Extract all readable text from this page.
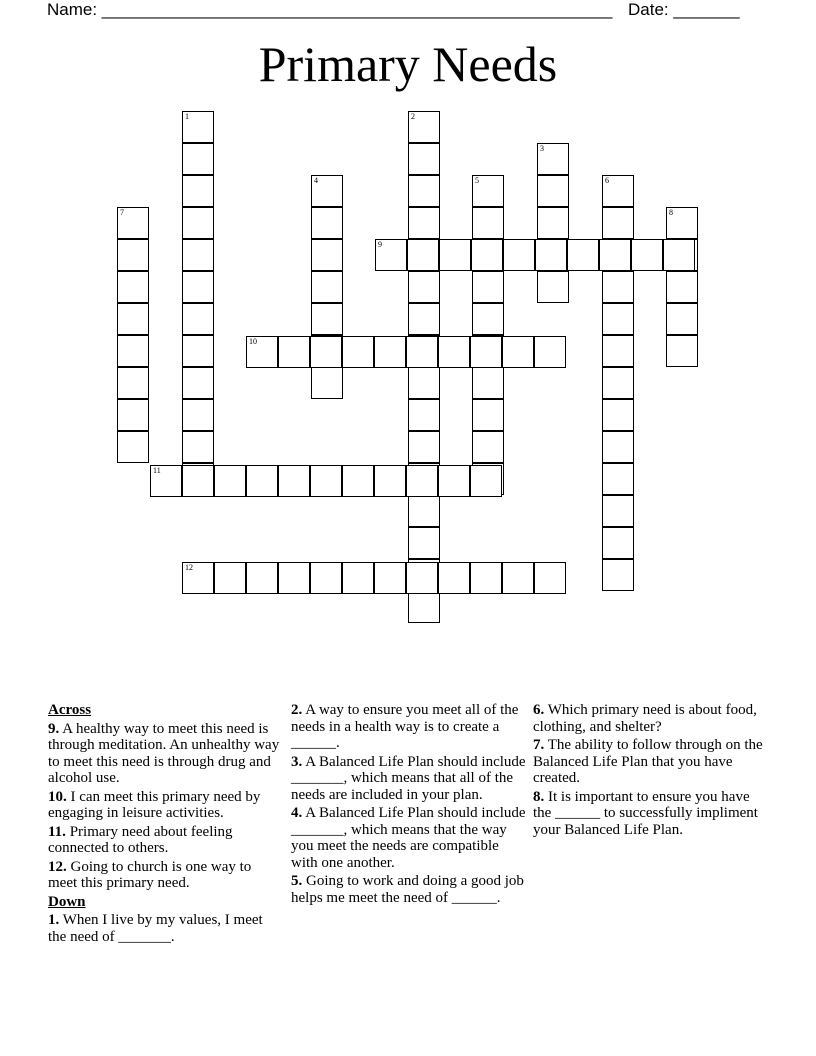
Name: ______________________________________________________ Date: _______
Primary Needs
1	2
3
4	5	6
7	8
9
10
11
12
Across
9. A healthy way to meet this need is through meditation. An unhealthy way to meet this need is through drug and alcohol use.
10. I can meet this primary need by engaging in leisure activities.
11. Primary need about feeling connected to others.
12. Going to church is one way to meet this primary need.
Down
1. When I live by my values, I meet the need of _______.
2. A way to ensure you meet all of the needs in a health way is to create a ______.
3. A Balanced Life Plan should include _______, which means that all of the needs are included in your plan.
4. A Balanced Life Plan should include _______, which means that the way you meet the needs are compatible with one another.
5. Going to work and doing a good job helps me meet the need of ______.
6. Which primary need is about food, clothing, and shelter?
7. The ability to follow through on the Balanced Life Plan that you have created.
8. It is important to ensure you have the ______ to successfully impliment your Balanced Life Plan.
